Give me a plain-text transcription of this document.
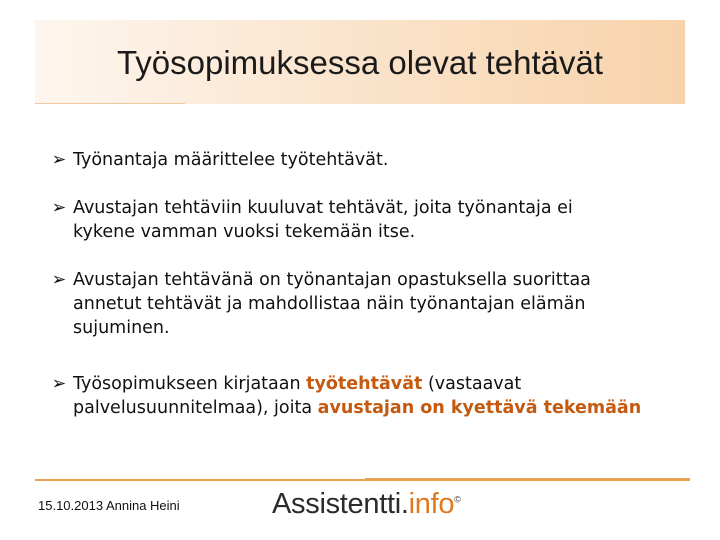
Työsopimuksessa olevat tehtävät
➢ Työnantaja määrittelee työtehtävät.
➢ Avustajan tehtäviin kuuluvat tehtävät, joita työnantaja ei
kykene vamman vuoksi tekemään itse.
➢ Avustajan tehtävänä on työnantajan opastuksella suorittaa
annetut tehtävät ja mahdollistaa näin työnantajan elämän
sujuminen.
➢ Työsopimukseen kirjataan työtehtävät (vastaavat
palvelusuunnitelmaa), joita avustajan on kyettävä tekemään
15.10.2013 Annina Heini	Assistentti.info©
